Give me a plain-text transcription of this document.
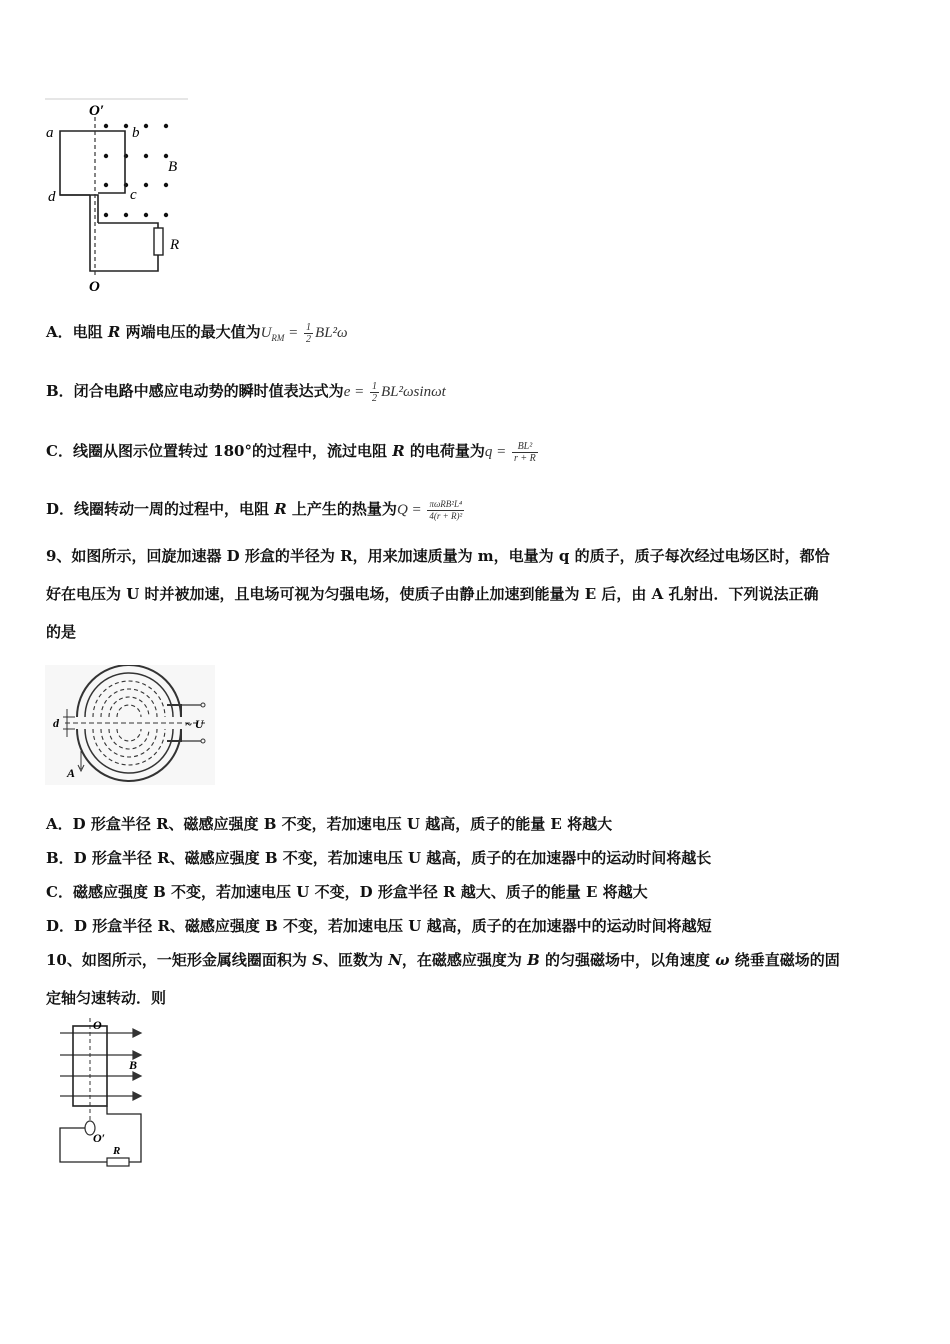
O′
a	b
B
d	c
R
O
A．电阻 R 两端电压的最大值为$U_{RM} = \frac{1}{2} BL^2\omega$
B．闭合电路中感应电动势的瞬时值表达式为$e = \frac{1}{2} BL^2\omega\sin\omega t$
C．线圈从图示位置转过 180°的过程中，流过电阻 R 的电荷量为$q = \frac{\text{BL²}}{r + R}$
D．线圈转动一周的过程中，电阻 R 上产生的热量为$Q = \frac{\text{πωRB²L⁴}}{\text{4(r + R)²}}$
9、如图所示，回旋加速器 D 形盒的半径为 R，用来加速质量为 m，电量为 q 的质子，质子每次经过电场区时，都恰
好在电压为 U 时并被加速，且电场可视为匀强电场，使质子由静止加速到能量为 E 后，由 A 孔射出．下列说法正确
的是
d	~ U
A
A．D 形盒半径 R、磁感应强度 B 不变，若加速电压 U 越高，质子的能量 E 将越大
B．D 形盒半径 R、磁感应强度 B 不变，若加速电压 U 越高，质子的在加速器中的运动时间将越长
C．磁感应强度 B 不变，若加速电压 U 不变，D 形盒半径 R 越大、质子的能量 E 将越大
D．D 形盒半径 R、磁感应强度 B 不变，若加速电压 U 越高，质子的在加速器中的运动时间将越短
10、如图所示，一矩形金属线圈面积为 S、匝数为 N，在磁感应强度为 B 的匀强磁场中，以角速度 ω 绕垂直磁场的固
定轴匀速转动．则
O
B
O′
R
